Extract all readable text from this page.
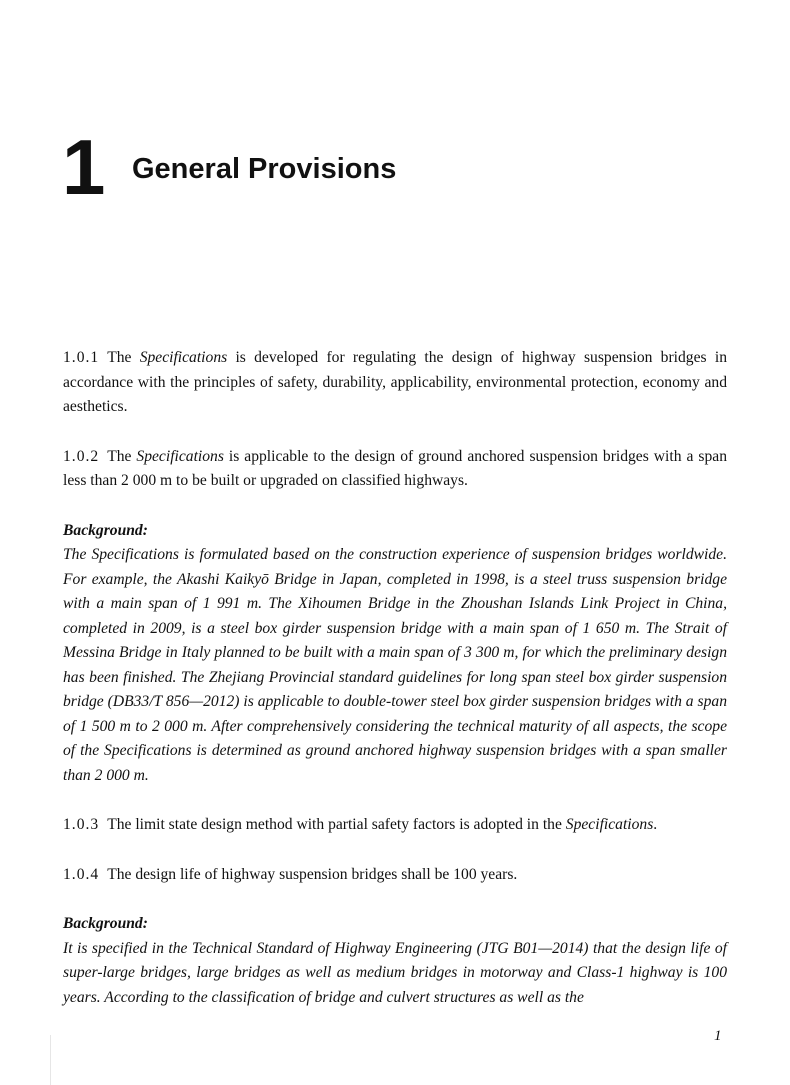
1 General Provisions

1.0.1 The Specifications is developed for regulating the design of highway suspension bridges in accordance with the principles of safety, durability, applicability, environmental protection, economy and aesthetics.

1.0.2 The Specifications is applicable to the design of ground anchored suspension bridges with a span less than 2 000 m to be built or upgraded on classified highways.

Background:

The Specifications is formulated based on the construction experience of suspension bridges worldwide. For example, the Akashi Kaikyō Bridge in Japan, completed in 1998, is a steel truss suspension bridge with a main span of 1 991 m. The Xihoumen Bridge in the Zhoushan Islands Link Project in China, completed in 2009, is a steel box girder suspension bridge with a main span of 1 650 m. The Strait of Messina Bridge in Italy planned to be built with a main span of 3 300 m, for which the preliminary design has been finished. The Zhejiang Provincial standard guidelines for long span steel box girder suspension bridge (DB33/T 856—2012) is applicable to double-tower steel box girder suspension bridges with a span of 1 500 m to 2 000 m. After comprehensively considering the technical maturity of all aspects, the scope of the Specifications is determined as ground anchored highway suspension bridges with a span smaller than 2 000 m.

1.0.3 The limit state design method with partial safety factors is adopted in the Specifications.

1.0.4 The design life of highway suspension bridges shall be 100 years.

Background:

It is specified in the Technical Standard of Highway Engineering (JTG B01—2014) that the design life of super-large bridges, large bridges as well as medium bridges in motorway and Class-1 highway is 100 years. According to the classification of bridge and culvert structures as well as the

1
